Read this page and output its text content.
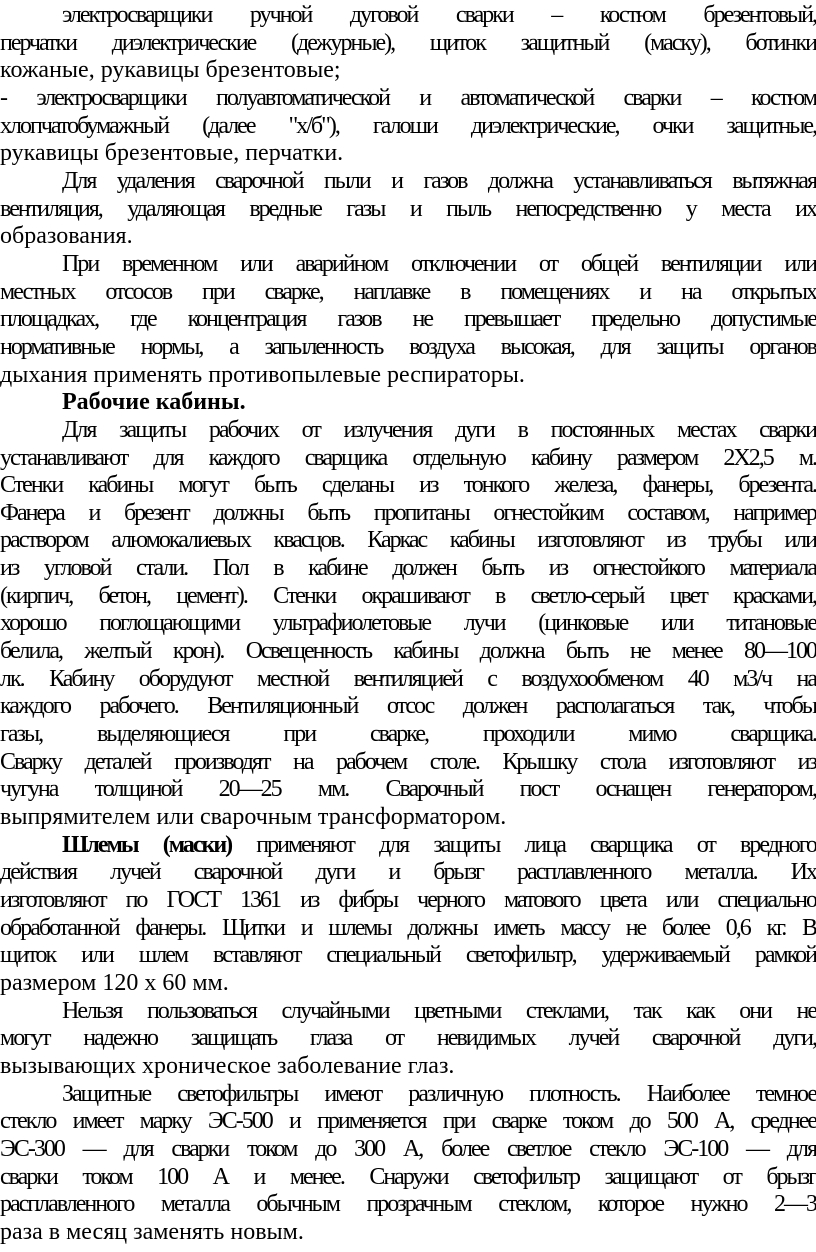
электросварщики ручной дуговой сварки – костюм брезентовый,
перчатки диэлектрические (дежурные), щиток защитный (маску), ботинки
кожаные, рукавицы брезентовые;
- электросварщики полуавтоматической и автоматической сварки – костюм
хлопчатобумажный (далее "х/б"), галоши диэлектрические, очки защитные,
рукавицы брезентовые, перчатки.
Для удаления сварочной пыли и газов должна устанавливаться вытяжная
вентиляция, удаляющая вредные газы и пыль непосредственно у места их
образования.
При временном или аварийном отключении от общей вентиляции или
местных отсосов при сварке, наплавке в помещениях и на открытых
площадках, где концентрация газов не превышает предельно допустимые
нормативные нормы, а запыленность воздуха высокая, для защиты органов
дыхания применять противопылевые респираторы.
Рабочие кабины.
Для защиты рабочих от излучения дуги в постоянных местах сварки
устанавливают для каждого сварщика отдельную кабину размером 2Х2,5 м.
Стенки кабины могут быть сделаны из тонкого железа, фанеры, брезента.
Фанера и брезент должны быть пропитаны огнестойким составом, например
раствором алюмокалиевых квасцов. Каркас кабины изготовляют из трубы или
из угловой стали. Пол в кабине должен быть из огнестойкого материала
(кирпич, бетон, цемент). Стенки окрашивают в светло-серый цвет красками,
хорошо поглощающими ультрафиолетовые лучи (цинковые или титановые
белила, желтый крон). Освещенность кабины должна быть не менее 80—100
лк. Кабину оборудуют местной вентиляцией с воздухообменом 40 м3/ч на
каждого рабочего. Вентиляционный отсос должен располагаться так, чтобы
газы, выделяющиеся при сварке, проходили мимо сварщика.
Сварку деталей производят на рабочем столе. Крышку стола изготовляют из
чугуна толщиной 20—25 мм. Сварочный пост оснащен генератором,
выпрямителем или сварочным трансформатором.
Шлемы (маски) применяют для защиты лица сварщика от вредного
действия лучей сварочной дуги и брызг расплавленного металла. Их
изготовляют по ГОСТ 1361 из фибры черного матового цвета или специально
обработанной фанеры. Щитки и шлемы должны иметь массу не более 0,6 кг. В
щиток или шлем вставляют специальный светофильтр, удерживаемый рамкой
размером 120 х 60 мм.
Нельзя пользоваться случайными цветными стеклами, так как они не
могут надежно защищать глаза от невидимых лучей сварочной дуги,
вызывающих хроническое заболевание глаз.
Защитные светофильтры имеют различную плотность. Наиболее темное
стекло имеет марку ЭС-500 и применяется при сварке током до 500 А, среднее
ЭС-300 — для сварки током до 300 А, более светлое стекло ЭС-100 — для
сварки током 100 А и менее. Снаружи светофильтр защищают от брызг
расплавленного металла обычным прозрачным стеклом, которое нужно 2—3
раза в месяц заменять новым.
